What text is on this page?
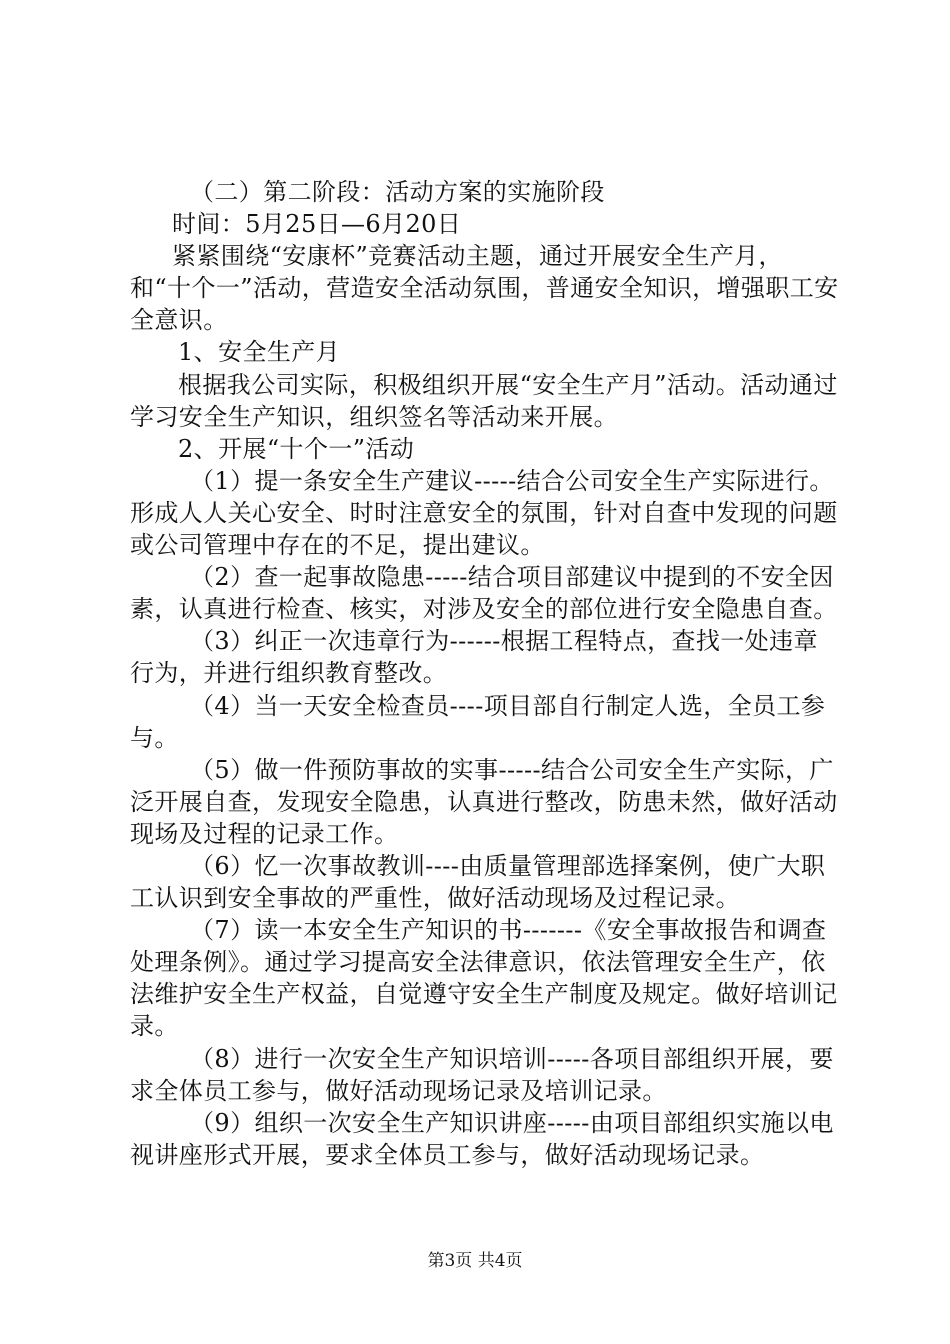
（二）第二阶段：活动方案的实施阶段

时间：5月25日—6月20日

紧紧围绕“安康杯”竞赛活动主题，通过开展安全生产月，和“十个一”活动，营造安全活动氛围，普通安全知识，增强职工安全意识。

1、安全生产月

根据我公司实际，积极组织开展“安全生产月”活动。活动通过学习安全生产知识，组织签名等活动来开展。

2、开展“十个一”活动

（1）提一条安全生产建议-----结合公司安全生产实际进行。形成人人关心安全、时时注意安全的氛围，针对自查中发现的问题或公司管理中存在的不足，提出建议。

（2）查一起事故隐患-----结合项目部建议中提到的不安全因素，认真进行检查、核实，对涉及安全的部位进行安全隐患自查。

（3）纠正一次违章行为------根据工程特点，查找一处违章行为，并进行组织教育整改。

（4）当一天安全检查员----项目部自行制定人选，全员工参与。

（5）做一件预防事故的实事-----结合公司安全生产实际，广泛开展自查，发现安全隐患，认真进行整改，防患未然，做好活动现场及过程的记录工作。

（6）忆一次事故教训----由质量管理部选择案例，使广大职工认识到安全事故的严重性，做好活动现场及过程记录。

（7）读一本安全生产知识的书-------《安全事故报告和调查处理条例》。通过学习提高安全法律意识，依法管理安全生产，依法维护安全生产权益，自觉遵守安全生产制度及规定。做好培训记录。

（8）进行一次安全生产知识培训-----各项目部组织开展，要求全体员工参与，做好活动现场记录及培训记录。

（9）组织一次安全生产知识讲座-----由项目部组织实施以电视讲座形式开展，要求全体员工参与，做好活动现场记录。

第3页 共4页
